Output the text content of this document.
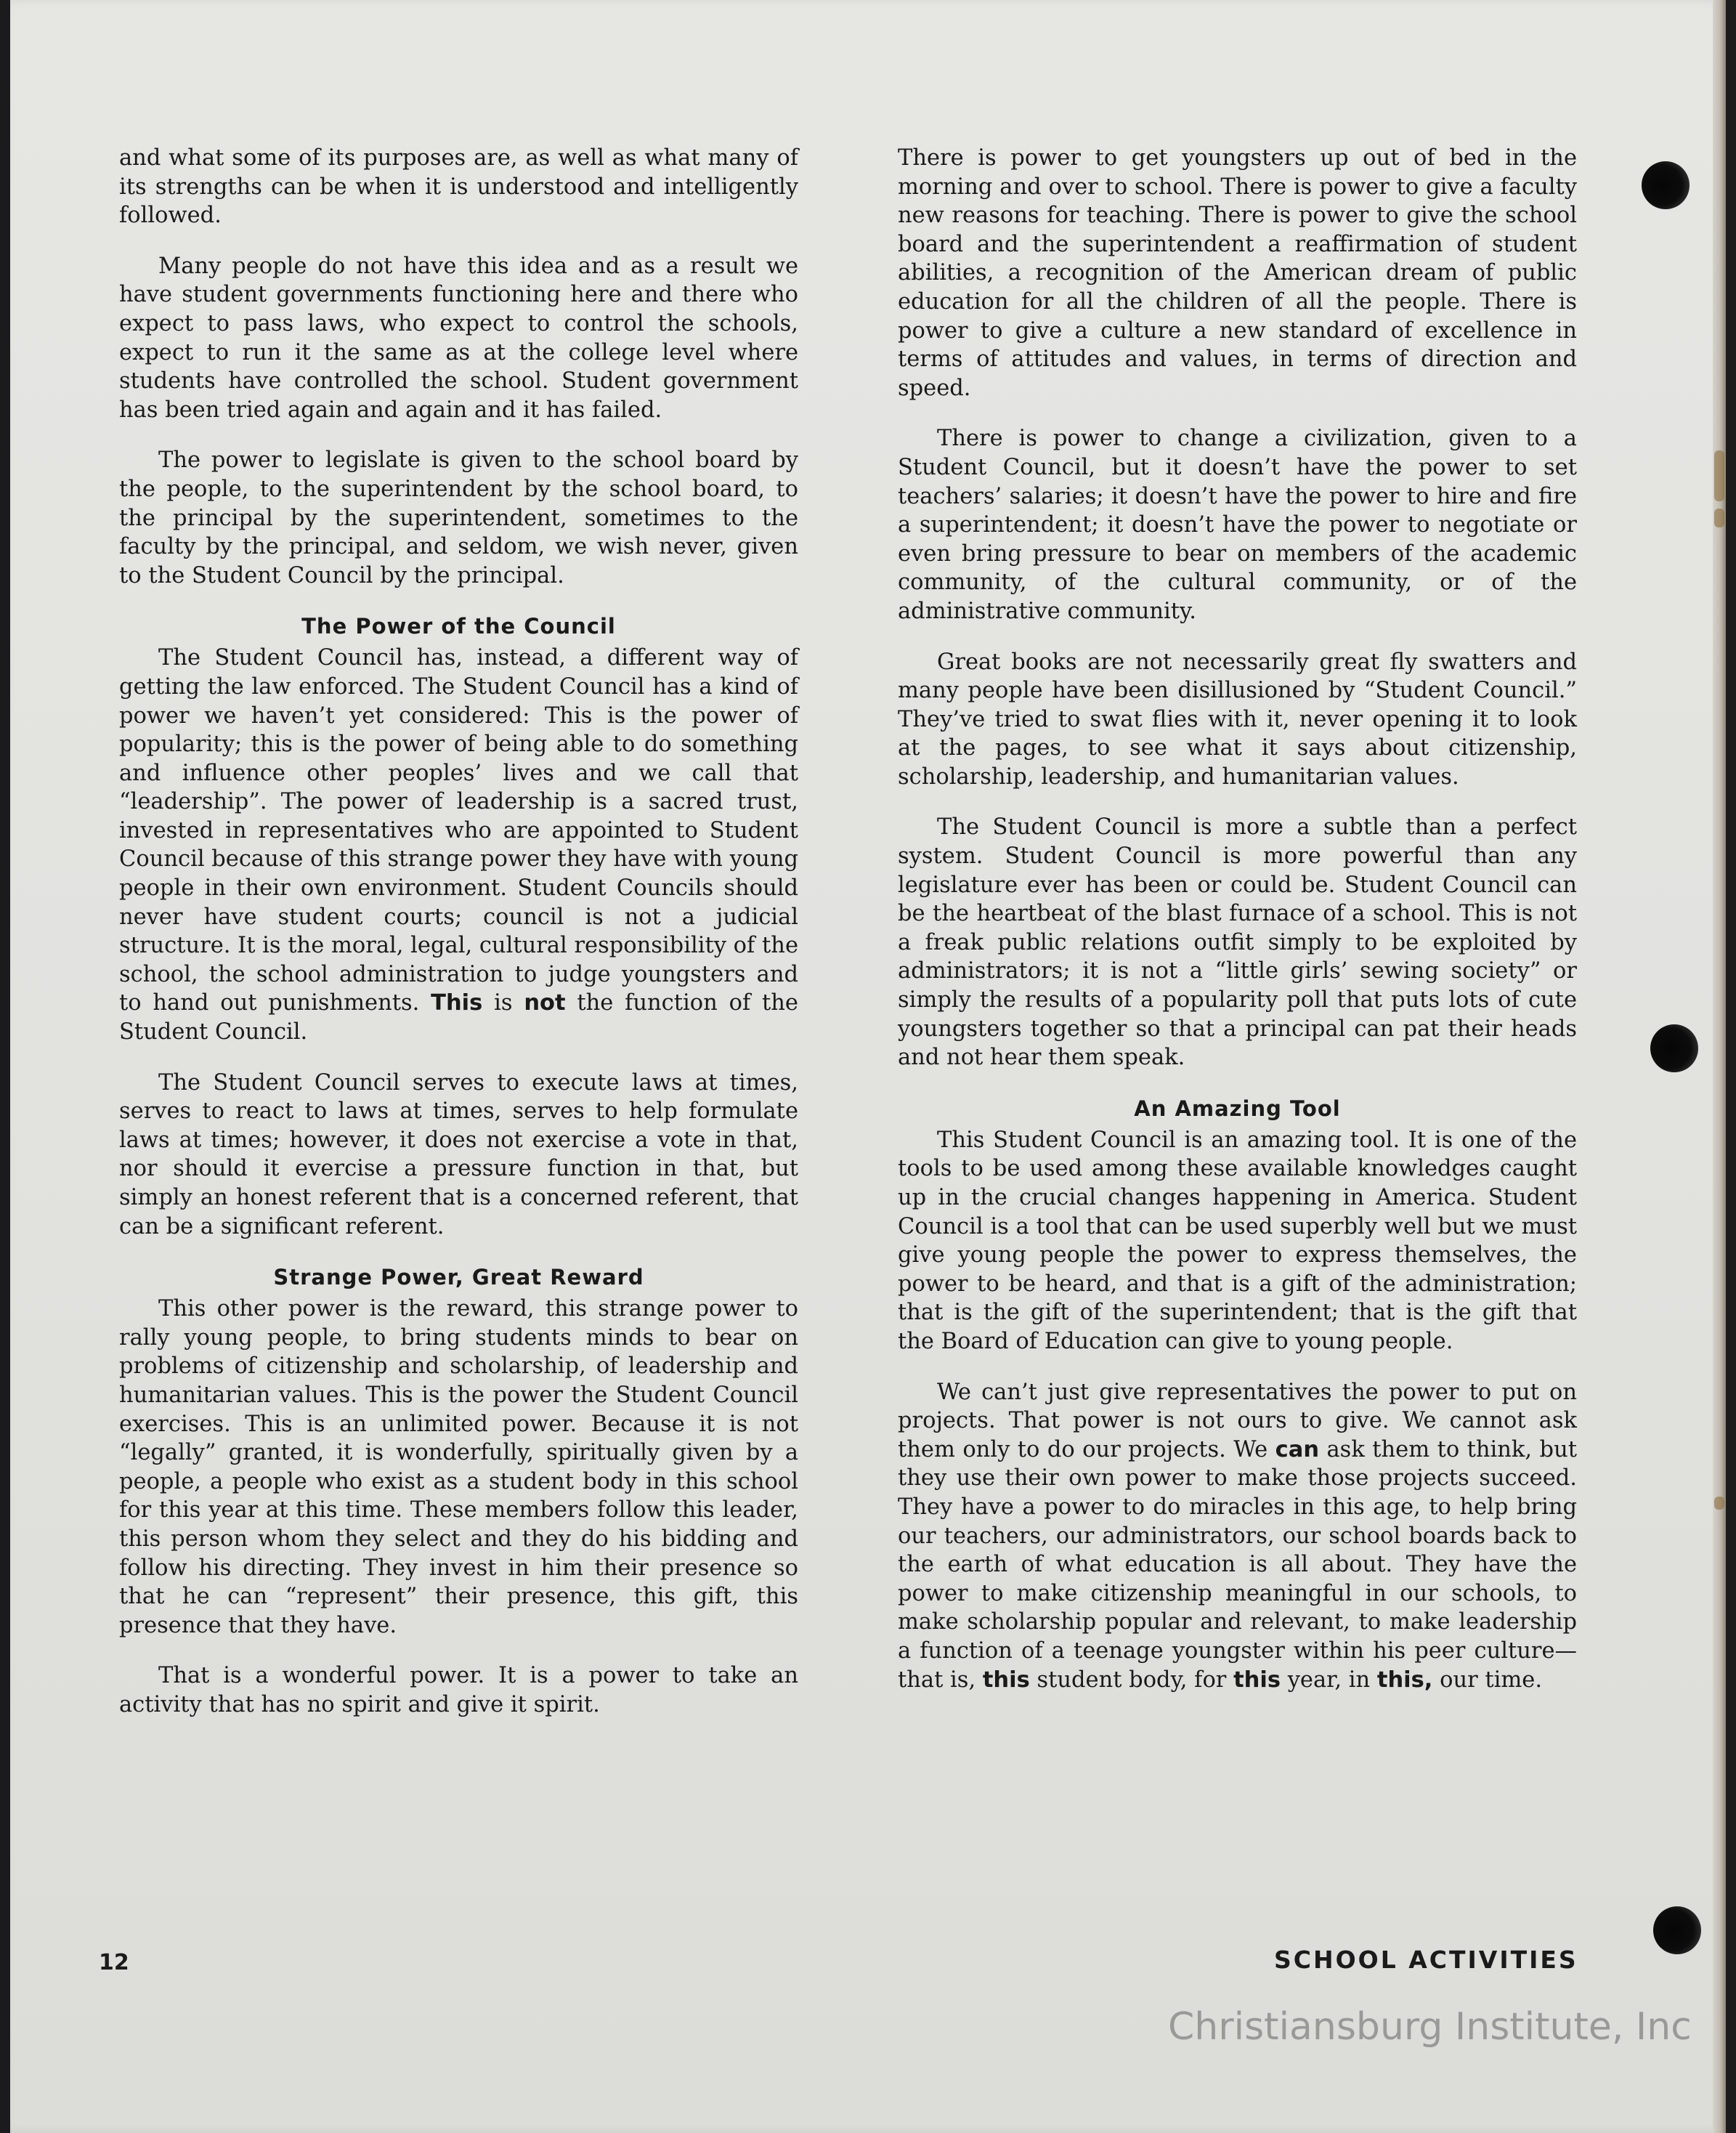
and what some of its purposes are, as well as what many of its strengths can be when it is understood and intelligently followed.

Many people do not have this idea and as a result we have student governments functioning here and there who expect to pass laws, who expect to control the schools, expect to run it the same as at the college level where students have controlled the school. Student government has been tried again and again and it has failed.

The power to legislate is given to the school board by the people, to the superintendent by the school board, to the principal by the superintendent, sometimes to the faculty by the principal, and seldom, we wish never, given to the Student Council by the principal.

The Power of the Council

The Student Council has, instead, a different way of getting the law enforced. The Student Council has a kind of power we haven’t yet considered: This is the power of popularity; this is the power of being able to do something and influence other peoples’ lives and we call that “leadership”. The power of leadership is a sacred trust, invested in representatives who are appointed to Student Council because of this strange power they have with young people in their own environment. Student Councils should never have student courts; council is not a judicial structure. It is the moral, legal, cultural responsibility of the school, the school administration to judge youngsters and to hand out punishments. This is not the function of the Student Council.

The Student Council serves to execute laws at times, serves to react to laws at times, serves to help formulate laws at times; however, it does not exercise a vote in that, nor should it evercise a pressure function in that, but simply an honest referent that is a concerned referent, that can be a significant referent.

Strange Power, Great Reward

This other power is the reward, this strange power to rally young people, to bring students minds to bear on problems of citizenship and scholarship, of leadership and humanitarian values. This is the power the Student Council exercises. This is an unlimited power. Because it is not “legally” granted, it is wonderfully, spiritually given by a people, a people who exist as a student body in this school for this year at this time. These members follow this leader, this person whom they select and they do his bidding and follow his directing. They invest in him their presence so that he can “represent” their presence, this gift, this presence that they have.

That is a wonderful power. It is a power to take an activity that has no spirit and give it spirit.

There is power to get youngsters up out of bed in the morning and over to school. There is power to give a faculty new reasons for teaching. There is power to give the school board and the superintendent a reaffirmation of student abilities, a recognition of the American dream of public education for all the children of all the people. There is power to give a culture a new standard of excellence in terms of attitudes and values, in terms of direction and speed.

There is power to change a civilization, given to a Student Council, but it doesn’t have the power to set teachers’ salaries; it doesn’t have the power to hire and fire a superintendent; it doesn’t have the power to negotiate or even bring pressure to bear on members of the academic community, of the cultural community, or of the administrative community.

Great books are not necessarily great fly swatters and many people have been disillusioned by “Student Council.” They’ve tried to swat flies with it, never opening it to look at the pages, to see what it says about citizenship, scholarship, leadership, and humanitarian values.

The Student Council is more a subtle than a perfect system. Student Council is more powerful than any legislature ever has been or could be. Student Council can be the heartbeat of the blast furnace of a school. This is not a freak public relations outfit simply to be exploited by administrators; it is not a “little girls’ sewing society” or simply the results of a popularity poll that puts lots of cute youngsters together so that a principal can pat their heads and not hear them speak.

An Amazing Tool

This Student Council is an amazing tool. It is one of the tools to be used among these available knowledges caught up in the crucial changes happening in America. Student Council is a tool that can be used superbly well but we must give young people the power to express themselves, the power to be heard, and that is a gift of the administration; that is the gift of the superintendent; that is the gift that the Board of Education can give to young people.

We can’t just give representatives the power to put on projects. That power is not ours to give. We cannot ask them only to do our projects. We can ask them to think, but they use their own power to make those projects succeed. They have a power to do miracles in this age, to help bring our teachers, our administrators, our school boards back to the earth of what education is all about. They have the power to make citizenship meaningful in our schools, to make scholarship popular and relevant, to make leadership a function of a teenage youngster within his peer culture—that is, this student body, for this year, in this, our time.

12	SCHOOL ACTIVITIES
Christiansburg Institute, Inc
